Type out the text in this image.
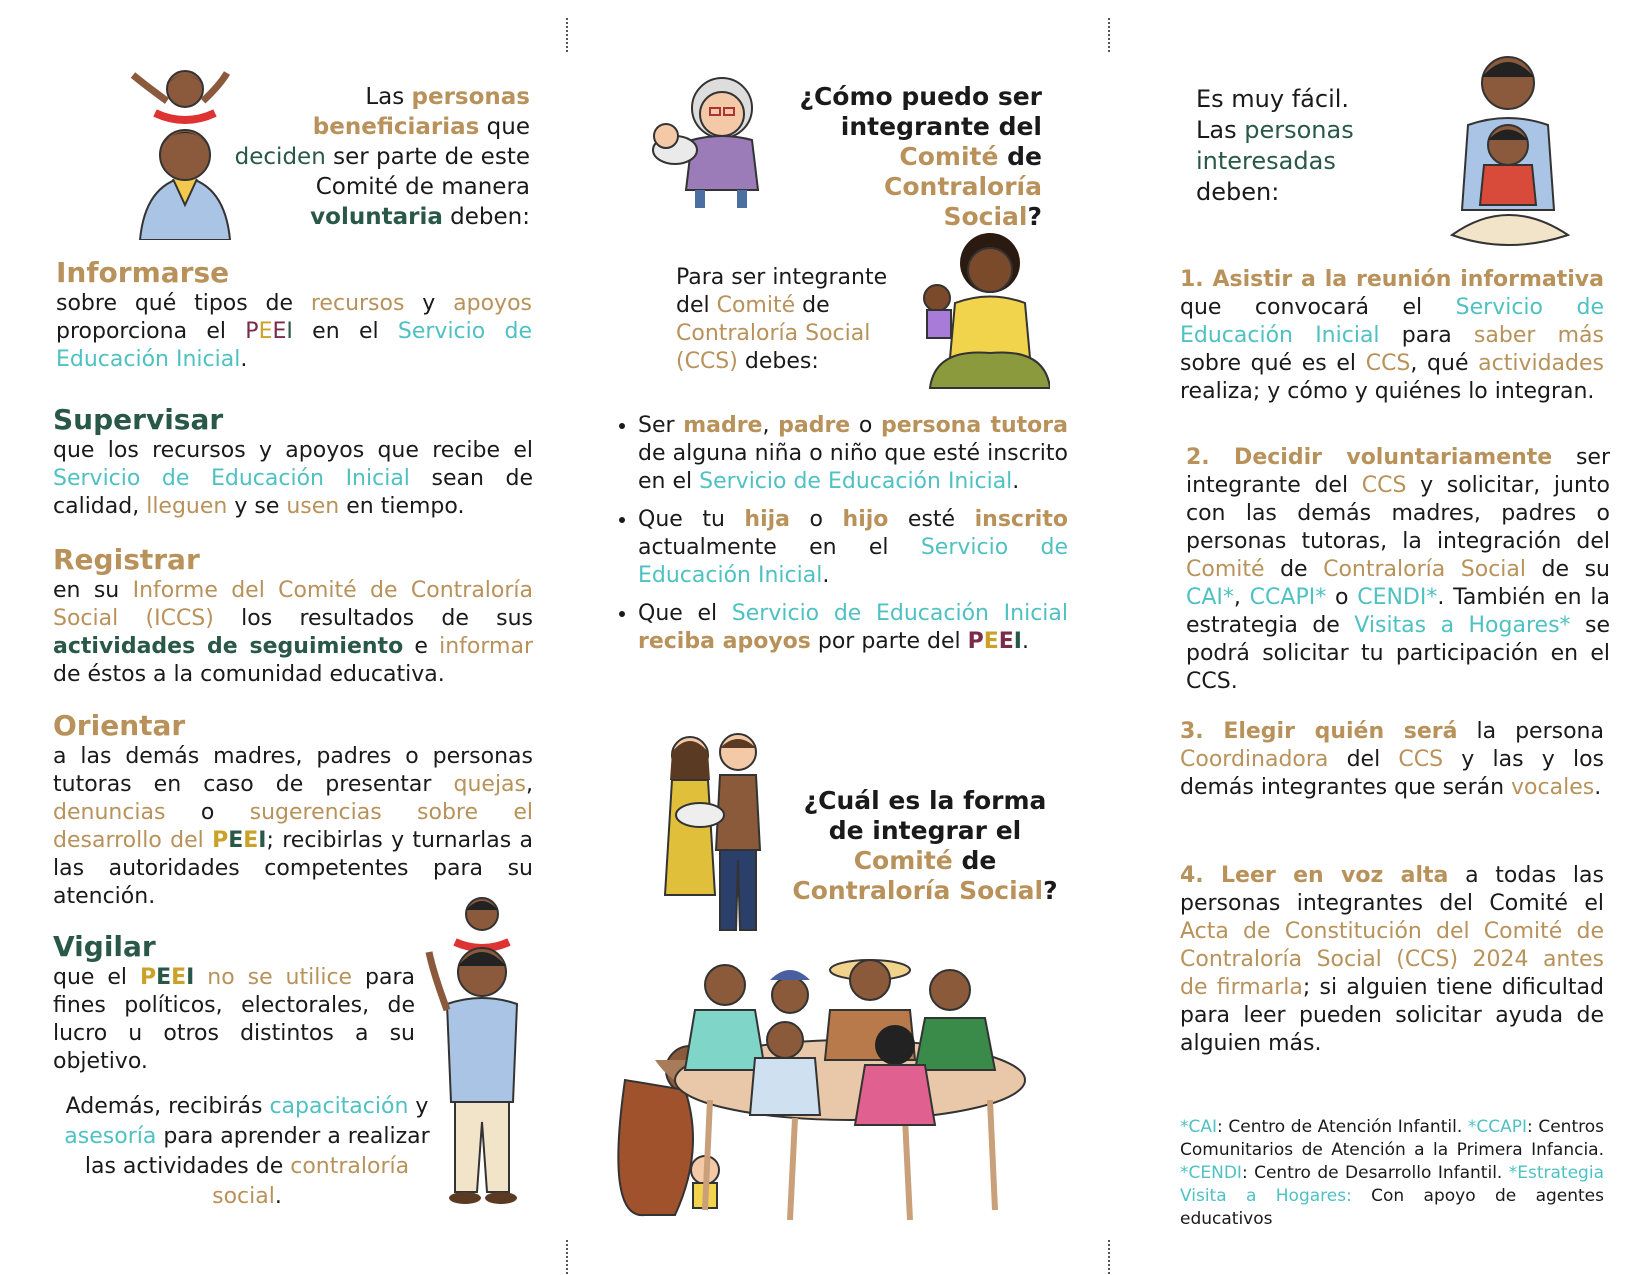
Las personas beneficiarias que deciden ser parte de este Comité de manera voluntaria deben:
Informarse
sobre qué tipos de recursos y apoyos proporciona el PEEI en el Servicio de Educación Inicial.
Supervisar
que los recursos y apoyos que recibe el Servicio de Educación Inicial sean de calidad, lleguen y se usen en tiempo.
Registrar
en su Informe del Comité de Contraloría Social (ICCS) los resultados de sus actividades de seguimiento e informar de éstos a la comunidad educativa.
Orientar
a las demás madres, padres o personas tutoras en caso de presentar quejas, denuncias o sugerencias sobre el desarrollo del PEEI; recibirlas y turnarlas a las autoridades competentes para su atención.
Vigilar
que el PEEI no se utilice para fines políticos, electorales, de lucro u otros distintos a su objetivo.
Además, recibirás capacitación y asesoría para aprender a realizar las actividades de contraloría social.
¿Cómo puedo ser integrante del Comité de Contraloría Social?
Para ser integrante del Comité de Contraloría Social (CCS) debes:
• Ser madre, padre o persona tutora de alguna niña o niño que esté inscrito en el Servicio de Educación Inicial.
• Que tu hija o hijo esté inscrito actualmente en el Servicio de Educación Inicial.
• Que el Servicio de Educación Inicial reciba apoyos por parte del PEEI.
¿Cuál es la forma de integrar el Comité de Contraloría Social?
Es muy fácil.
Las personas interesadas deben:
1. Asistir a la reunión informativa que convocará el Servicio de Educación Inicial para saber más sobre qué es el CCS, qué actividades realiza; y cómo y quiénes lo integran.
2. Decidir voluntariamente ser integrante del CCS y solicitar, junto con las demás madres, padres o personas tutoras, la integración del Comité de Contraloría Social de su CAI*, CCAPI* o CENDI*. También en la estrategia de Visitas a Hogares* se podrá solicitar tu participación en el CCS.
3. Elegir quién será la persona Coordinadora del CCS y las y los demás integrantes que serán vocales.
4. Leer en voz alta a todas las personas integrantes del Comité el Acta de Constitución del Comité de Contraloría Social (CCS) 2024 antes de firmarla; si alguien tiene dificultad para leer pueden solicitar ayuda de alguien más.
*CAI: Centro de Atención Infantil. *CCAPI: Centros Comunitarios de Atención a la Primera Infancia. *CENDI: Centro de Desarrollo Infantil. *Estrategia Visita a Hogares: Con apoyo de agentes educativos
